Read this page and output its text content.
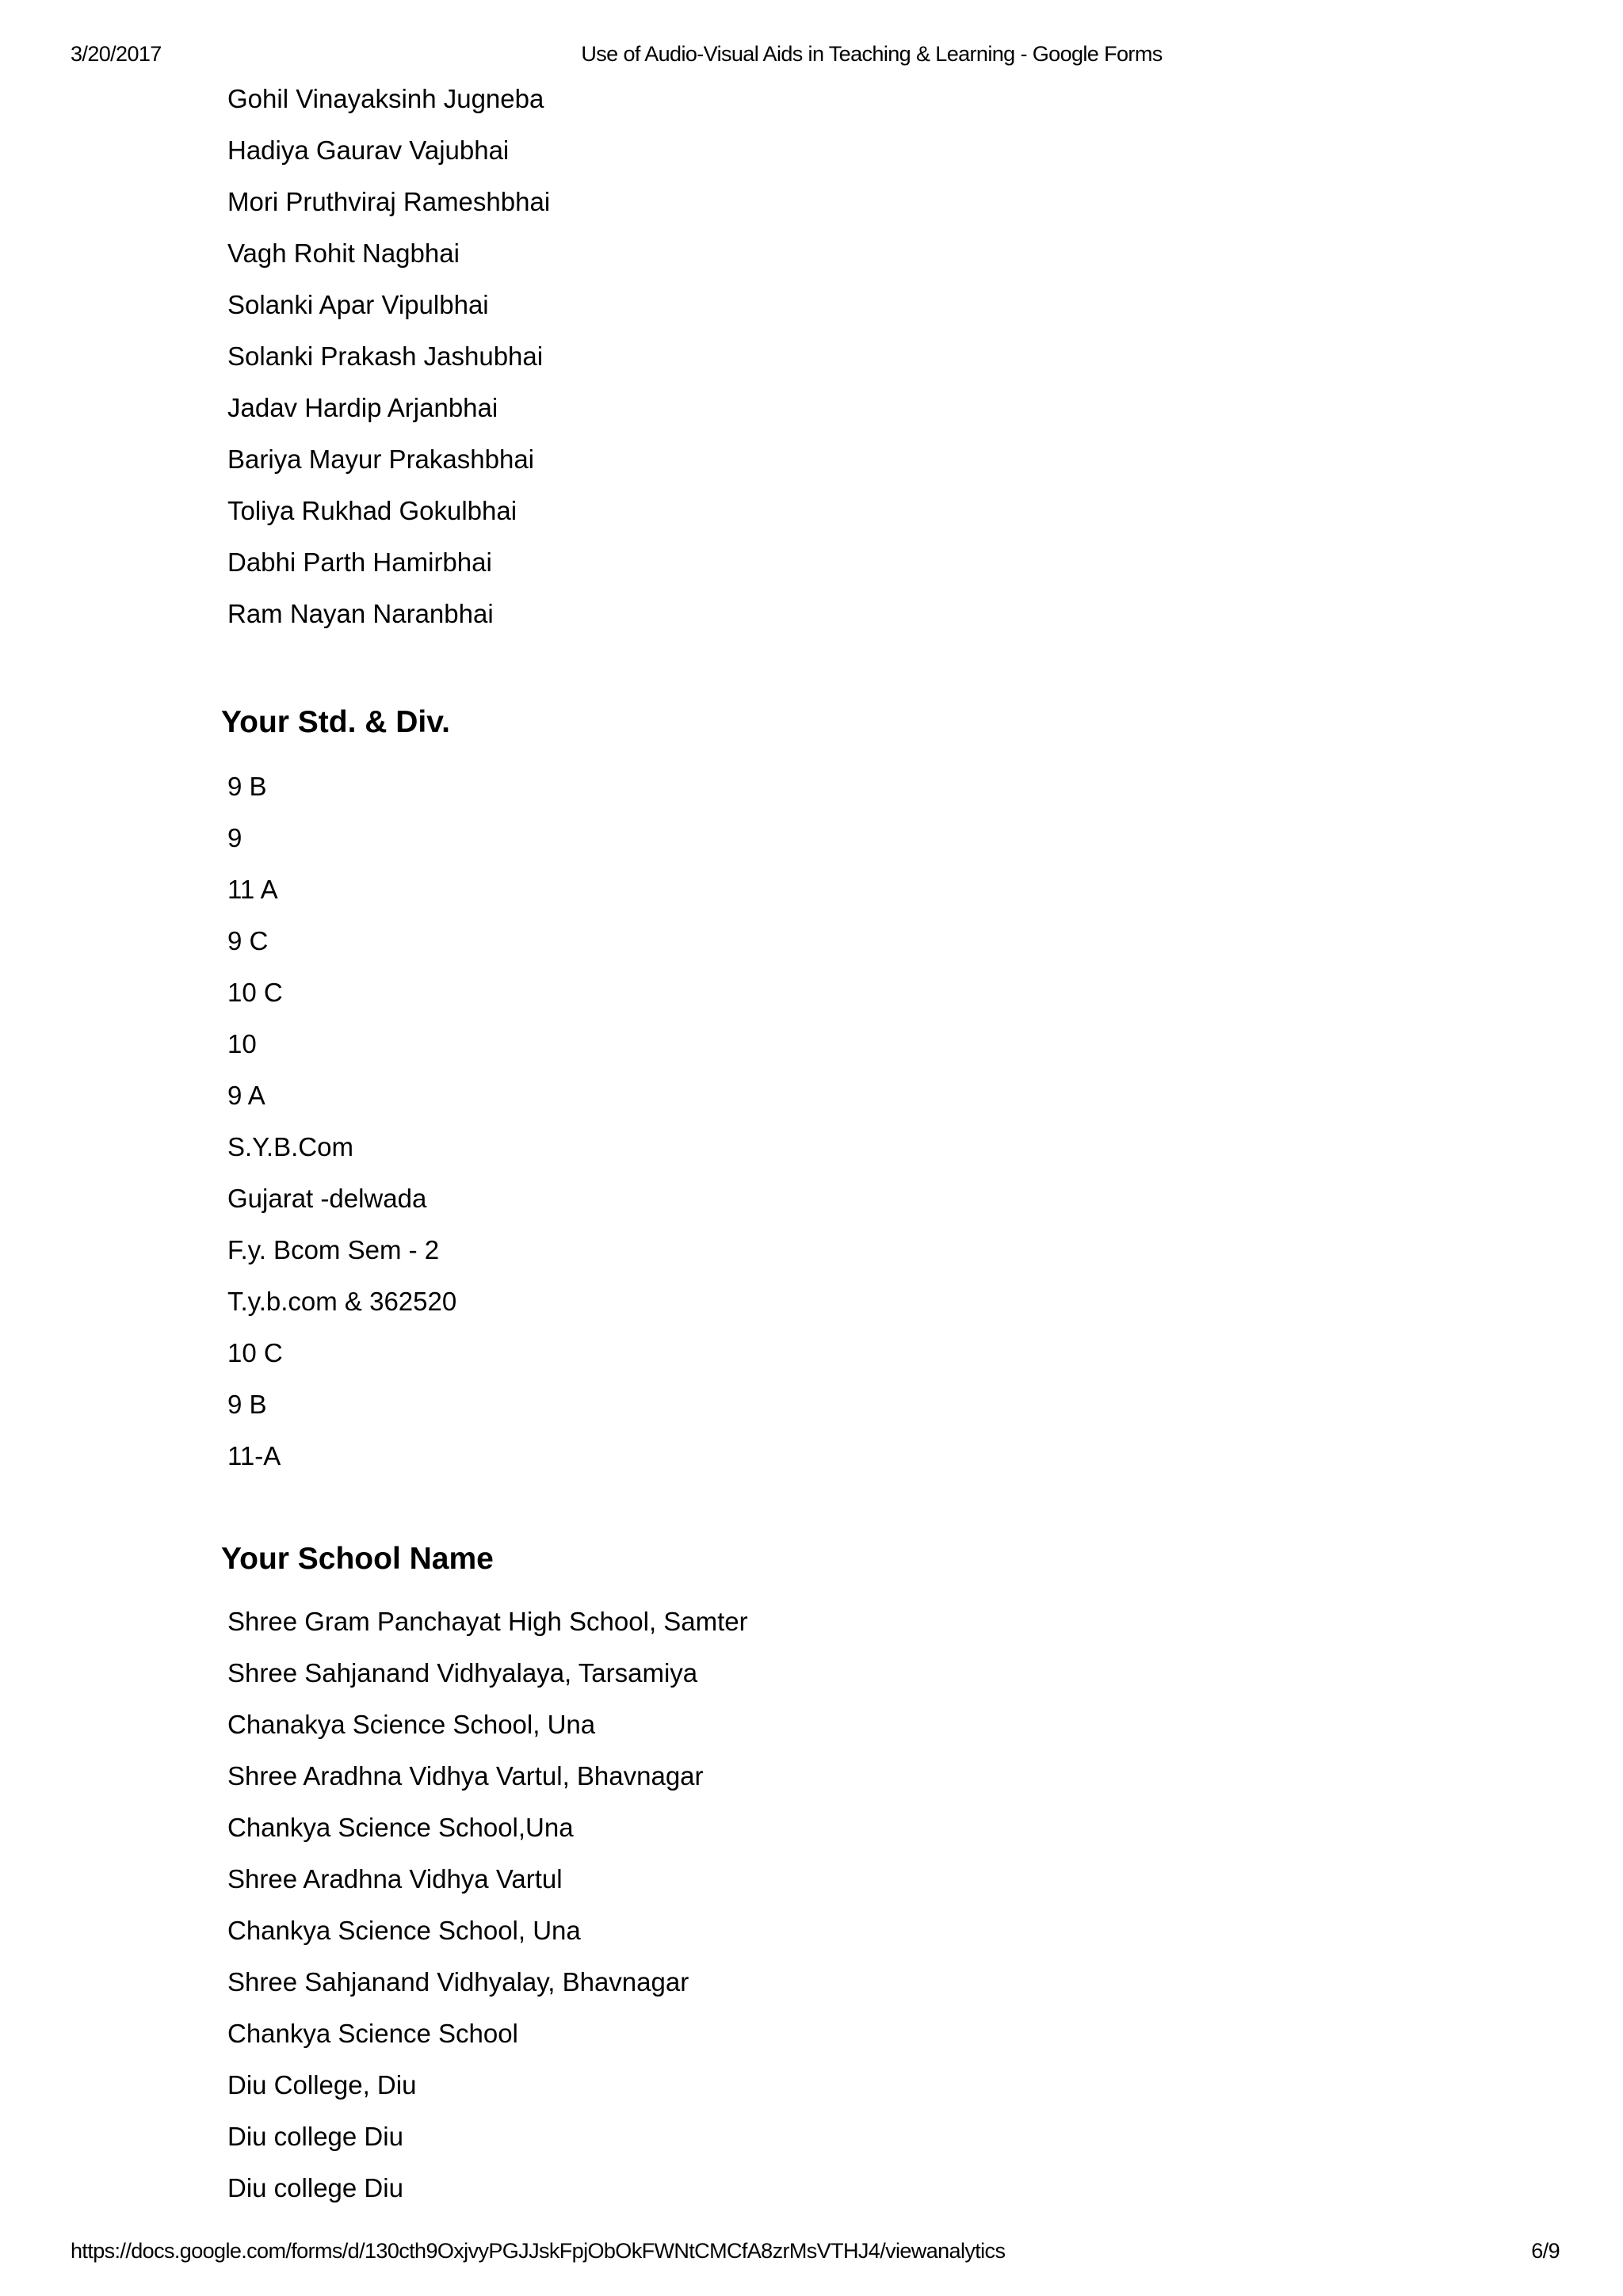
3/20/2017	Use of Audio-Visual Aids in Teaching & Learning - Google Forms
Gohil Vinayaksinh Jugneba
Hadiya Gaurav Vajubhai
Mori Pruthviraj Rameshbhai
Vagh Rohit Nagbhai
Solanki Apar Vipulbhai
Solanki Prakash Jashubhai
Jadav Hardip Arjanbhai
Bariya Mayur Prakashbhai
Toliya Rukhad Gokulbhai
Dabhi Parth Hamirbhai
Ram Nayan Naranbhai
Your Std. & Div.
9 B
9
11 A
9 C
10 C
10
9 A
S.Y.B.Com
Gujarat -delwada
F.y. Bcom Sem - 2
T.y.b.com & 362520
10 C
9 B
11-A
Your School Name
Shree Gram Panchayat High School, Samter
Shree Sahjanand Vidhyalaya, Tarsamiya
Chanakya Science School, Una
Shree Aradhna Vidhya Vartul, Bhavnagar
Chankya Science School,Una
Shree Aradhna Vidhya Vartul
Chankya Science School, Una
Shree Sahjanand Vidhyalay, Bhavnagar
Chankya Science School
Diu College, Diu
Diu college Diu
Diu college Diu
https://docs.google.com/forms/d/130cth9OxjvyPGJJskFpjObOkFWNtCMCfA8zrMsVTHJ4/viewanalytics	6/9
